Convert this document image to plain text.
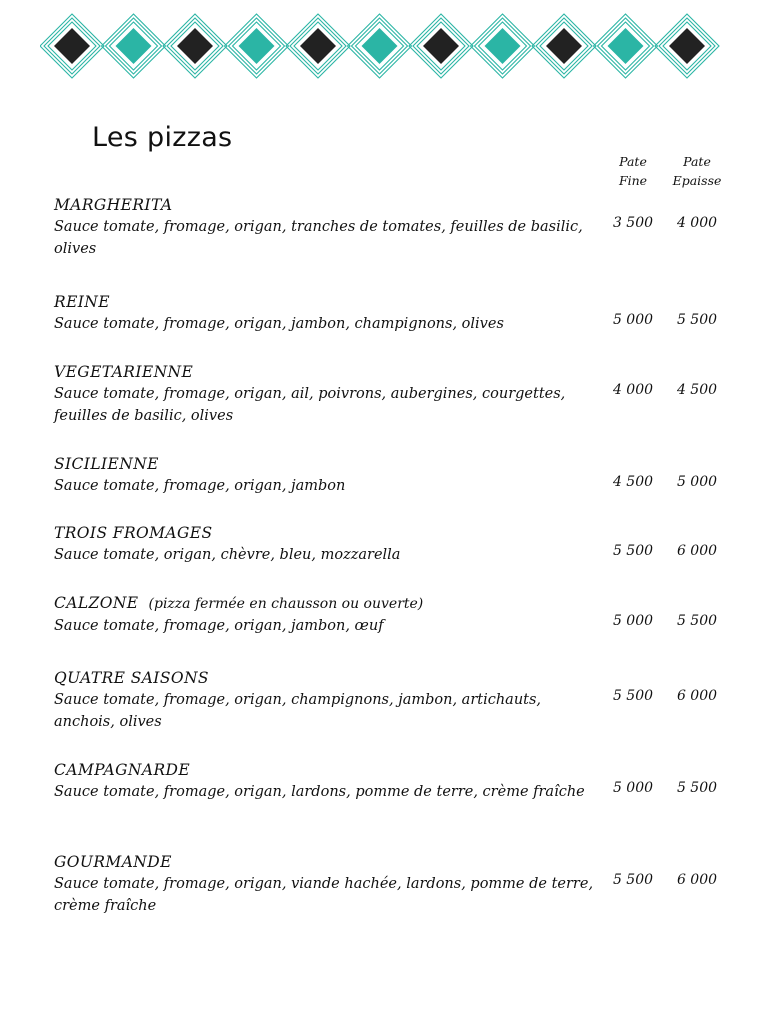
Les pizzas
Pate
Fine
Pate
Epaisse
MARGHERITA
Sauce tomate, fromage, origan, tranches de tomates, feuilles de basilic, olives
3 500	4 000
REINE
Sauce tomate, fromage, origan, jambon, champignons, olives	5 000	5 500
VEGETARIENNE
Sauce tomate, fromage, origan, ail, poivrons, aubergines, courgettes, feuilles de basilic, olives
4 000	4 500
SICILIENNE
Sauce tomate, fromage, origan, jambon	4 500	5 000
TROIS FROMAGES
Sauce tomate, origan, chèvre, bleu, mozzarella	5 500	6 000
CALZONE (pizza fermée en chausson ou ouverte)
Sauce tomate, fromage, origan, jambon, œuf	5 000	5 500
QUATRE SAISONS
Sauce tomate, fromage, origan, champignons, jambon, artichauts, anchois, olives
5 500	6 000
CAMPAGNARDE
Sauce tomate, fromage, origan, lardons, pomme de terre, crème fraîche	5 000	5 500
GOURMANDE
Sauce tomate, fromage, origan, viande hachée, lardons, pomme de terre, crème fraîche
5 500	6 000
